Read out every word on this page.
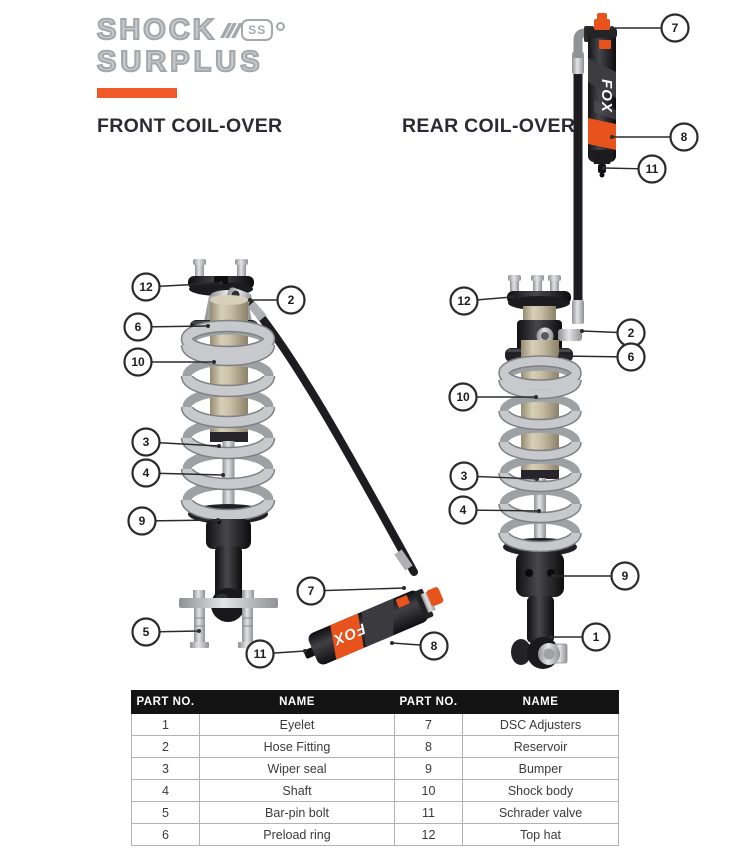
SHOCK	SS
SURPLUS
FRONT COIL-OVER	REAR COIL-OVER
FOX
FOX
12
2
6
10
3
4
9
5
7
11
8
7
8
11
12
2
6
10
3
4
9
1
PART NO.	NAME	PART NO.	NAME
1	Eyelet	7	DSC Adjusters
2	Hose Fitting	8	Reservoir
3	Wiper seal	9	Bumper
4	Shaft	10	Shock body
5	Bar-pin bolt	11	Schrader valve
6	Preload ring	12	Top hat
